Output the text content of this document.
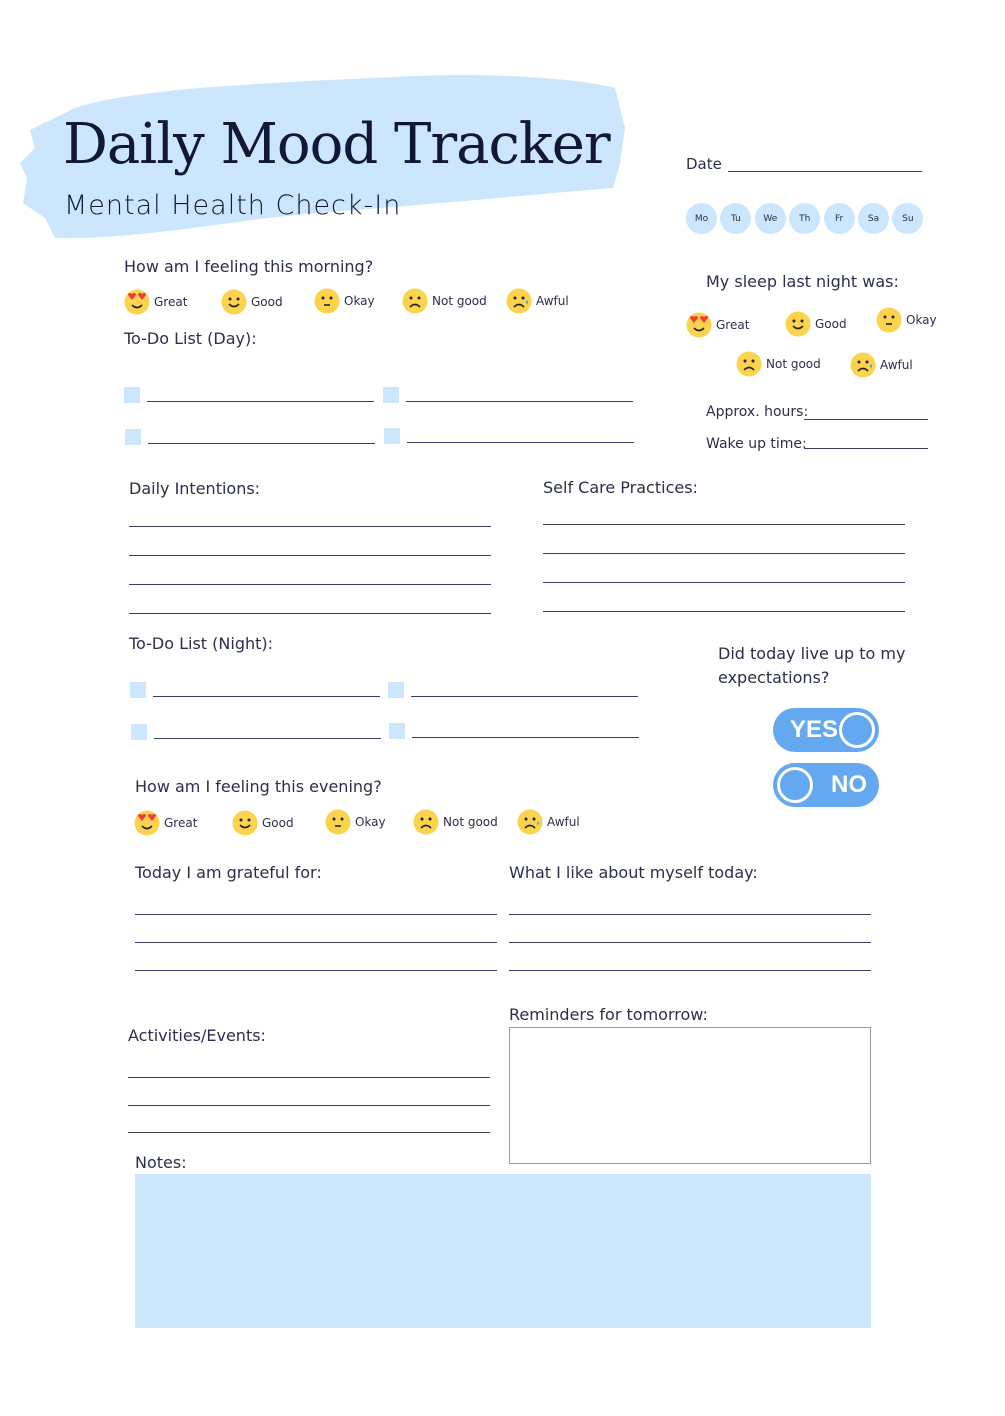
Daily Mood Tracker
Mental Health Check-In
Date
Mo	Tu	We	Th	Fr	Sa	Su
How am I feeling this morning?
Great	Good	Okay	Not good	Awful
To-Do List (Day):
My sleep last night was:
Great	Good	Okay
Not good	Awful
Approx. hours:
Wake up time:
Daily Intentions:	Self Care Practices:
To-Do List (Night):
Did today live up to my
expectations?
YES
NO
How am I feeling this evening?
Great	Good	Okay	Not good	Awful
Today I am grateful for:	What I like about myself today:
Activities/Events:
Reminders for tomorrow:
Notes:
